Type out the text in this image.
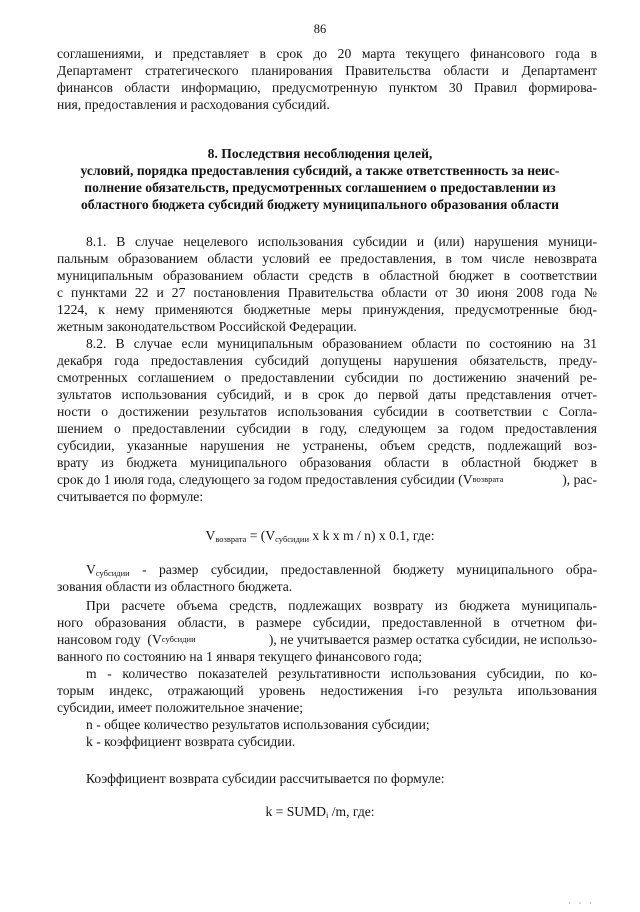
86
соглашениями, и представляет в срок до 20 марта текущего финансового года в
Департамент стратегического планирования Правительства области и Департамент
финансов области информацию, предусмотренную пунктом 30 Правил формирова-
ния, предоставления и расходования субсидий.
8. Последствия несоблюдения целей,
условий, порядка предоставления субсидий, а также ответственность за неис-
полнение обязательств, предусмотренных соглашением о предоставлении из
областного бюджета субсидий бюджету муниципального образования области
8.1. В случае нецелевого использования субсидии и (или) нарушения муници-
пальным образованием области условий ее предоставления, в том числе невозврата
муниципальным образованием области средств в областной бюджет в соответствии
с пунктами 22 и 27 постановления Правительства области от 30 июня 2008 года №
1224, к нему применяются бюджетные меры принуждения, предусмотренные бюд-
жетным законодательством Российской Федерации.
8.2. В случае если муниципальным образованием области по состоянию на 31
декабря года предоставления субсидий допущены нарушения обязательств, преду-
смотренных соглашением о предоставлении субсидии по достижению значений ре-
зультатов использования субсидий, и в срок до первой даты представления отчет-
ности о достижении результатов использования субсидии в соответствии с Согла-
шением о предоставлении субсидии в году, следующем за годом предоставления
субсидии, указанные нарушения не устранены, объем средств, подлежащий воз-
врату из бюджета муниципального образования области в областной бюджет в
срок до 1 июля года, следующего за годом предоставления субсидии (V возврата	), рас-
считывается по формуле:
$V_{возврата} = (V_{субсидии}$ x k x m / n) x 0.1, где:
$V_{субсидии}$ - размер субсидии, предоставленной бюджету муниципального обра-
зования области из областного бюджета.
При расчете объема средств, подлежащих возврату из бюджета муниципаль-
ного образования области, в размере субсидии, предоставленной в отчетном фи-
нансовом году  (V субсидии	), не учитывается размер остатка субсидии, не использо-
ванного по состоянию на 1 января текущего финансового года;
m - количество показателей результативности использования субсидии, по ко-
торым индекс, отражающий уровень недостижения i-го результа ипользования
субсидии, имеет положительное значение;
n - общее количество результатов использования субсидии;
k - коэффициент возврата субсидии.
Коэффициент возврата субсидии рассчитывается по формуле:
$k = SUMD_i$ /m, где:
· · ·
